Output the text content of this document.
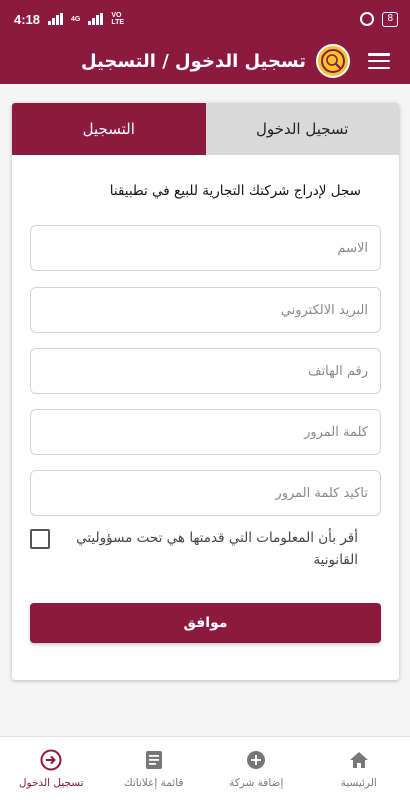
4:18	4G	VO LTE	8
تسجيل الدخول / التسجيل
التسجيل	تسجيل الدخول
سجل لإدراج شركتك التجارية للبيع في تطبيقنا
الاسم
البريد الالكتروني
رقم الهاتف
أقر بأن المعلومات التي قدمتها هي تحت مسؤوليتي القانونية
موافق
الرئيسية
إضافة شركة
قائمة إعلاناتك
تسجيل الدخول
